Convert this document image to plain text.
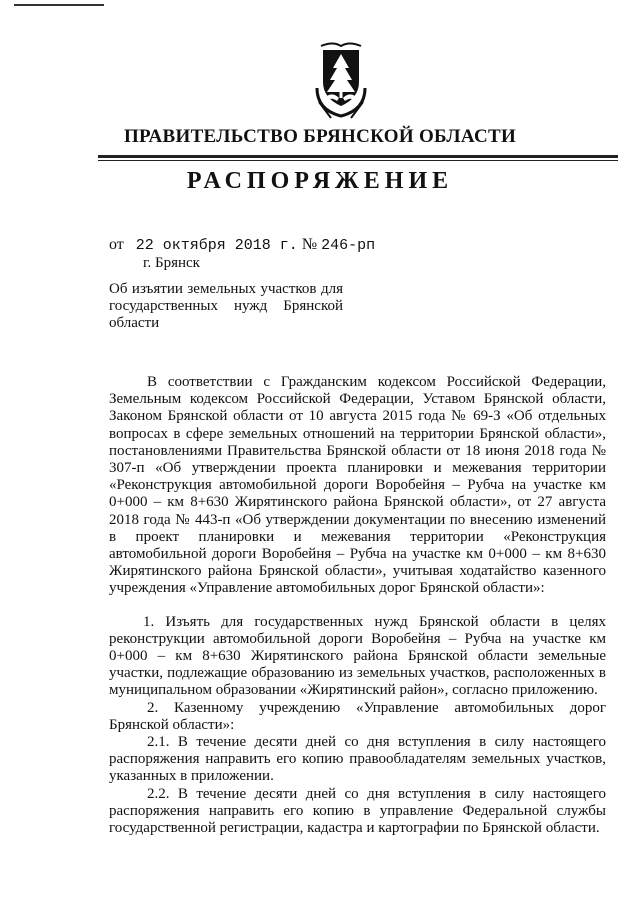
ПРАВИТЕЛЬСТВО БРЯНСКОЙ ОБЛАСТИ
РАСПОРЯЖЕНИЕ
от 22 октября 2018 г. № 246-рп
г. Брянск
Об изъятии земельных участков для государственных нужд Брянской области

В соответствии с Гражданским кодексом Российской Федерации, Земельным кодексом Российской Федерации, Уставом Брянской области, Законом Брянской области от 10 августа 2015 года № 69-З «Об отдельных вопросах в сфере земельных отношений на территории Брянской области», постановлениями Правительства Брянской области от 18 июня 2018 года № 307-п «Об утверждении проекта планировки и межевания территории «Реконструкция автомобильной дороги Воробейня – Рубча на участке км 0+000 – км 8+630 Жирятинского района Брянской области», от 27 августа 2018 года № 443-п «Об утверждении документации по внесению изменений в проект планировки и межевания территории «Реконструкция автомобильной дороги Воробейня – Рубча на участке км 0+000 – км 8+630 Жирятинского района Брянской области», учитывая ходатайство казенного учреждения «Управление автомобильных дорог Брянской области»:

1. Изъять для государственных нужд Брянской области в целях реконструкции автомобильной дороги Воробейня – Рубча на участке км 0+000 – км 8+630 Жирятинского района Брянской области земельные участки, подлежащие образованию из земельных участков, расположенных в муниципальном образовании «Жирятинский район», согласно приложению.

2. Казенному учреждению «Управление автомобильных дорог Брянской области»:

2.1. В течение десяти дней со дня вступления в силу настоящего распоряжения направить его копию правообладателям земельных участков, указанных в приложении.

2.2. В течение десяти дней со дня вступления в силу настоящего распоряжения направить его копию в управление Федеральной службы государственной регистрации, кадастра и картографии по Брянской области.
